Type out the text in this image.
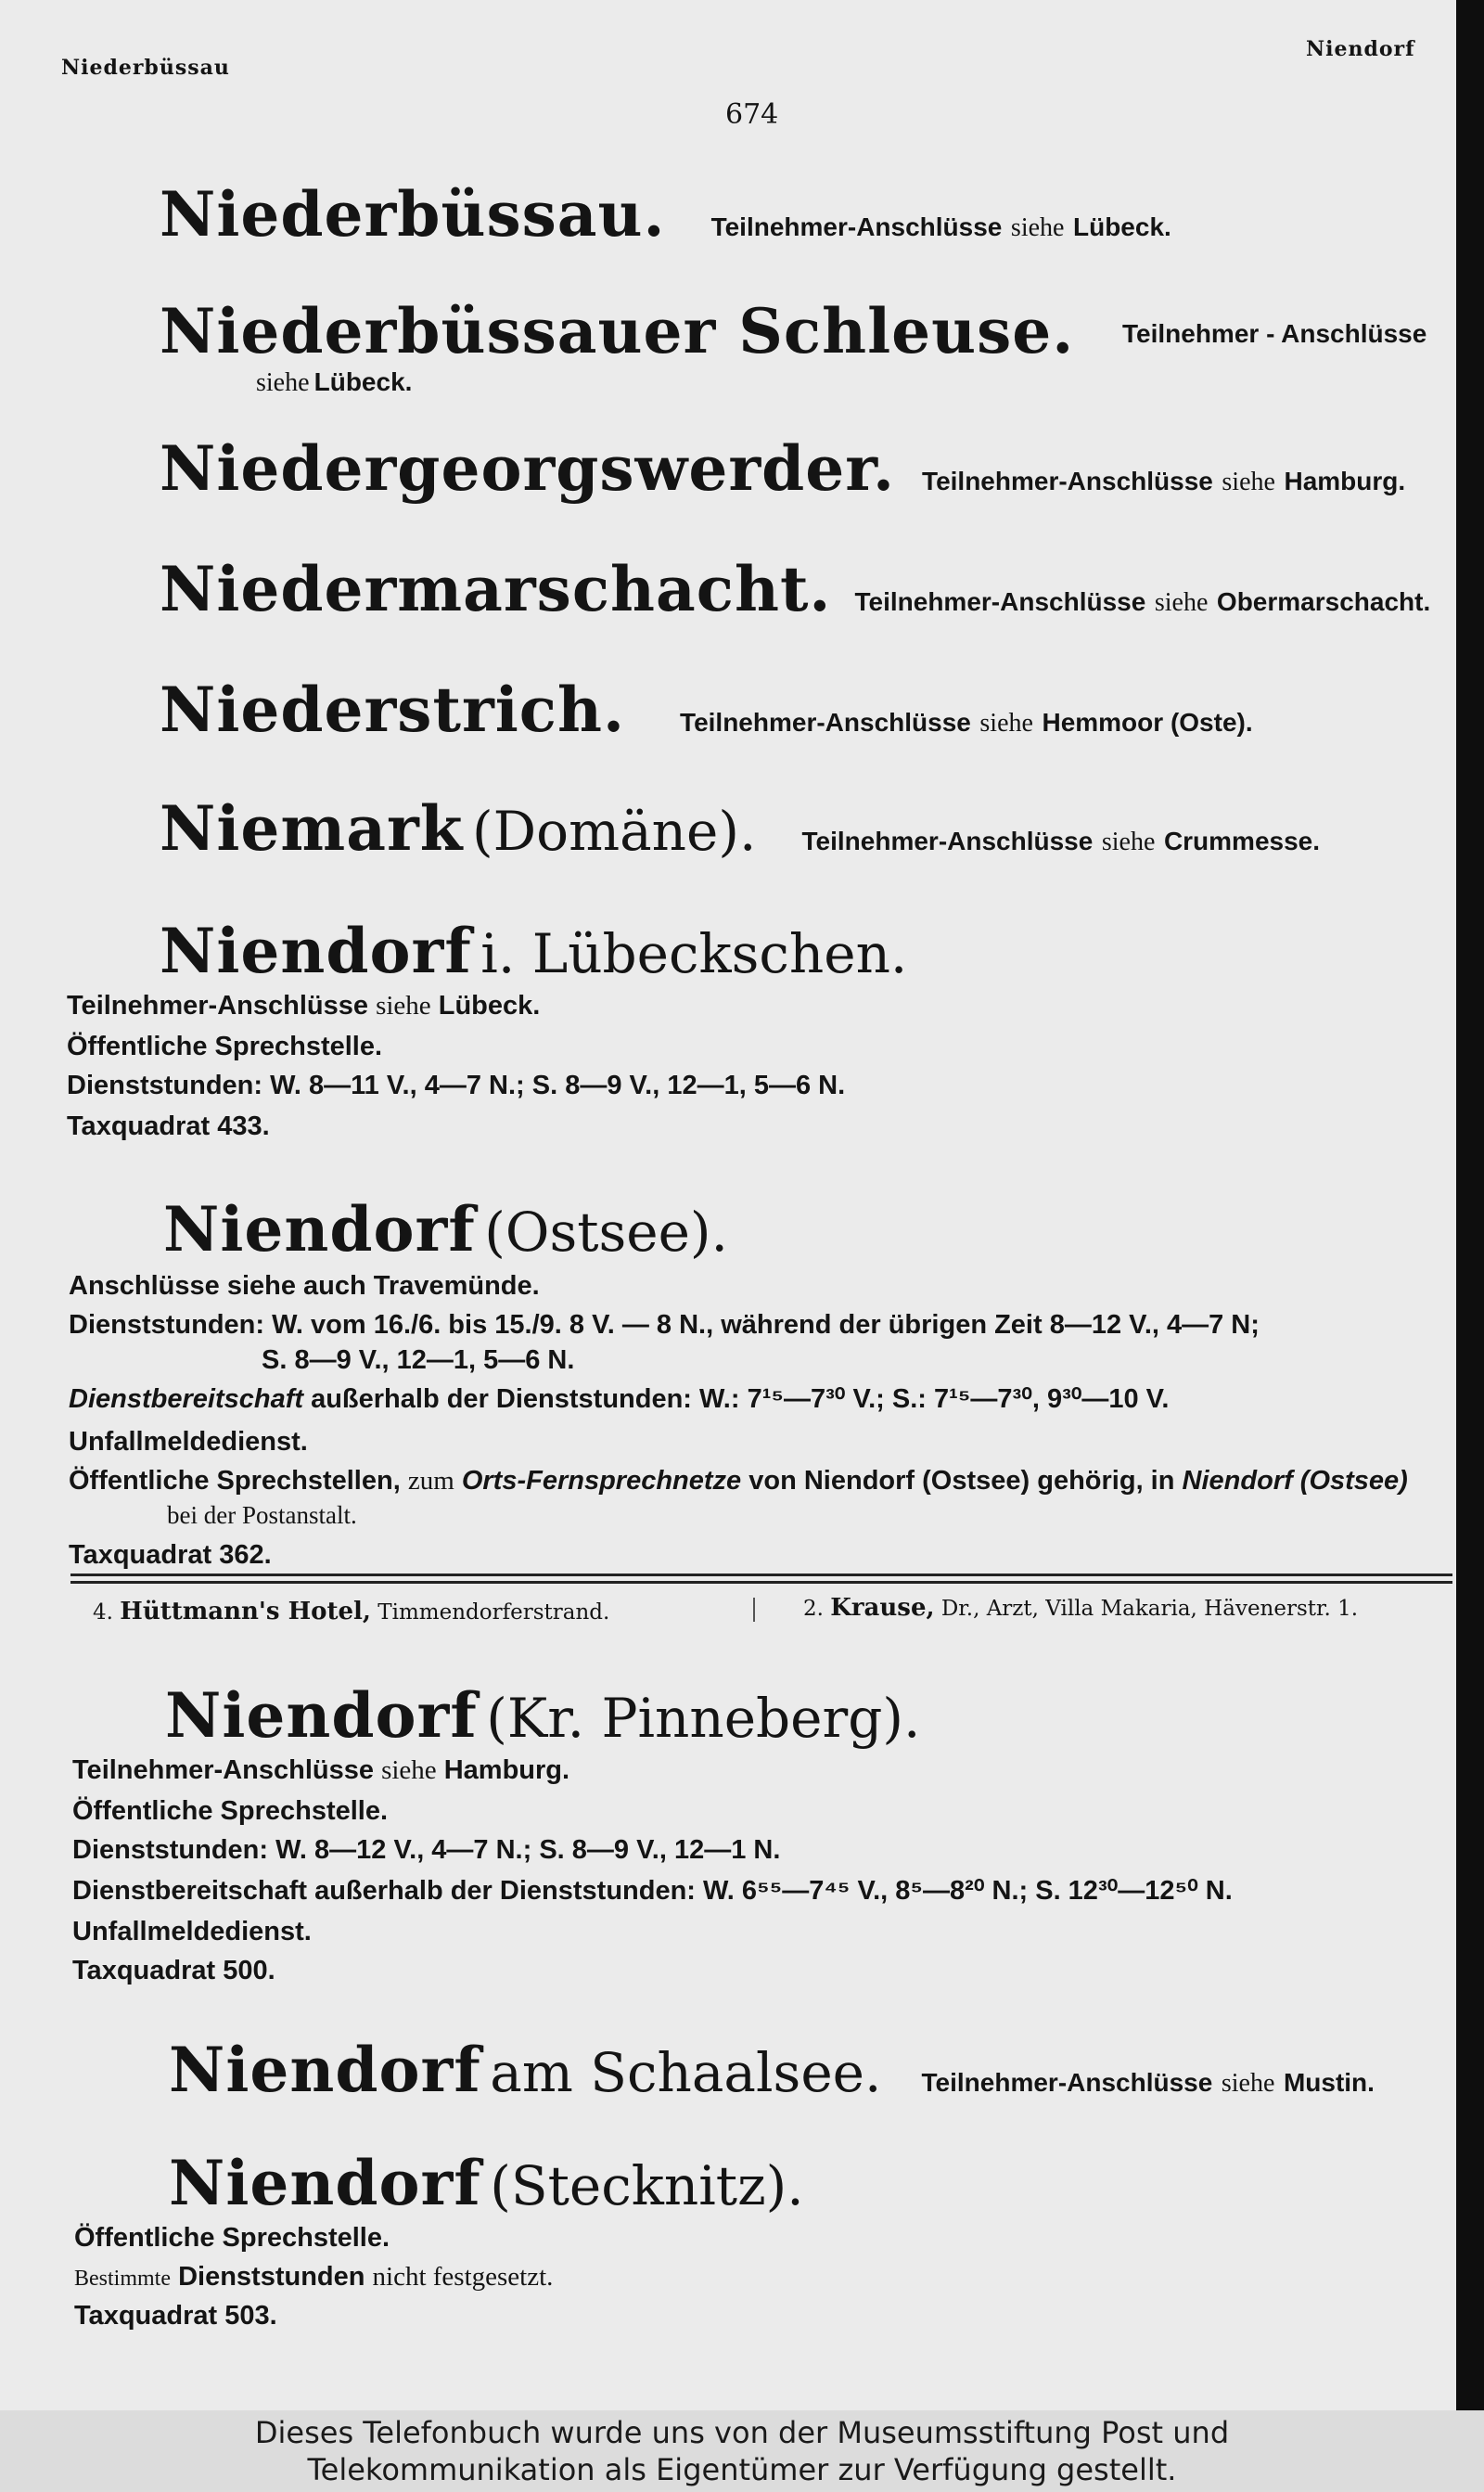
Niederbüssau
Niendorf
674
Niederbüssau. Teilnehmer-Anschlüsse siehe Lübeck.
Niederbüssauer Schleuse. Teilnehmer - Anschlüsse
siehe Lübeck.
Niedergeorgswerder. Teilnehmer-Anschlüsse siehe Hamburg.
Niedermarschacht. Teilnehmer-Anschlüsse siehe Obermarschacht.
Niederstrich. Teilnehmer-Anschlüsse siehe Hemmoor (Oste).
Niemark (Domäne). Teilnehmer-Anschlüsse siehe Crummesse.
Niendorf i. Lübeckschen.
Teilnehmer-Anschlüsse siehe Lübeck.
Öffentliche Sprechstelle.
Dienststunden: W. 8—11 V., 4—7 N.; S. 8—9 V., 12—1, 5—6 N.
Taxquadrat 433.
Niendorf (Ostsee).
Anschlüsse siehe auch Travemünde.
Dienststunden: W. vom 16./6. bis 15./9. 8 V. — 8 N., während der übrigen Zeit 8—12 V., 4—7 N;
S. 8—9 V., 12—1, 5—6 N.
Dienstbereitschaft außerhalb der Dienststunden: W.: 7¹⁵—7³⁰ V.; S.: 7¹⁵—7³⁰, 9³⁰—10 V.
Unfallmeldedienst.
Öffentliche Sprechstellen, zum Orts-Fernsprechnetze von Niendorf (Ostsee) gehörig, in Niendorf (Ostsee)
bei der Postanstalt.
Taxquadrat 362.
4. Hüttmann's Hotel, Timmendorferstrand.	2. Krause, Dr., Arzt, Villa Makaria, Hävenerstr. 1.
Niendorf (Kr. Pinneberg).
Teilnehmer-Anschlüsse siehe Hamburg.
Öffentliche Sprechstelle.
Dienststunden: W. 8—12 V., 4—7 N.; S. 8—9 V., 12—1 N.
Dienstbereitschaft außerhalb der Dienststunden: W. 6⁵⁵—7⁴⁵ V., 8⁵—8²⁰ N.; S. 12³⁰—12⁵⁰ N.
Unfallmeldedienst.
Taxquadrat 500.
Niendorf am Schaalsee. Teilnehmer-Anschlüsse siehe Mustin.
Niendorf (Stecknitz).
Öffentliche Sprechstelle.
Bestimmte Dienststunden nicht festgesetzt.
Taxquadrat 503.
Dieses Telefonbuch wurde uns von der Museumsstiftung Post und
Telekommunikation als Eigentümer zur Verfügung gestellt.
